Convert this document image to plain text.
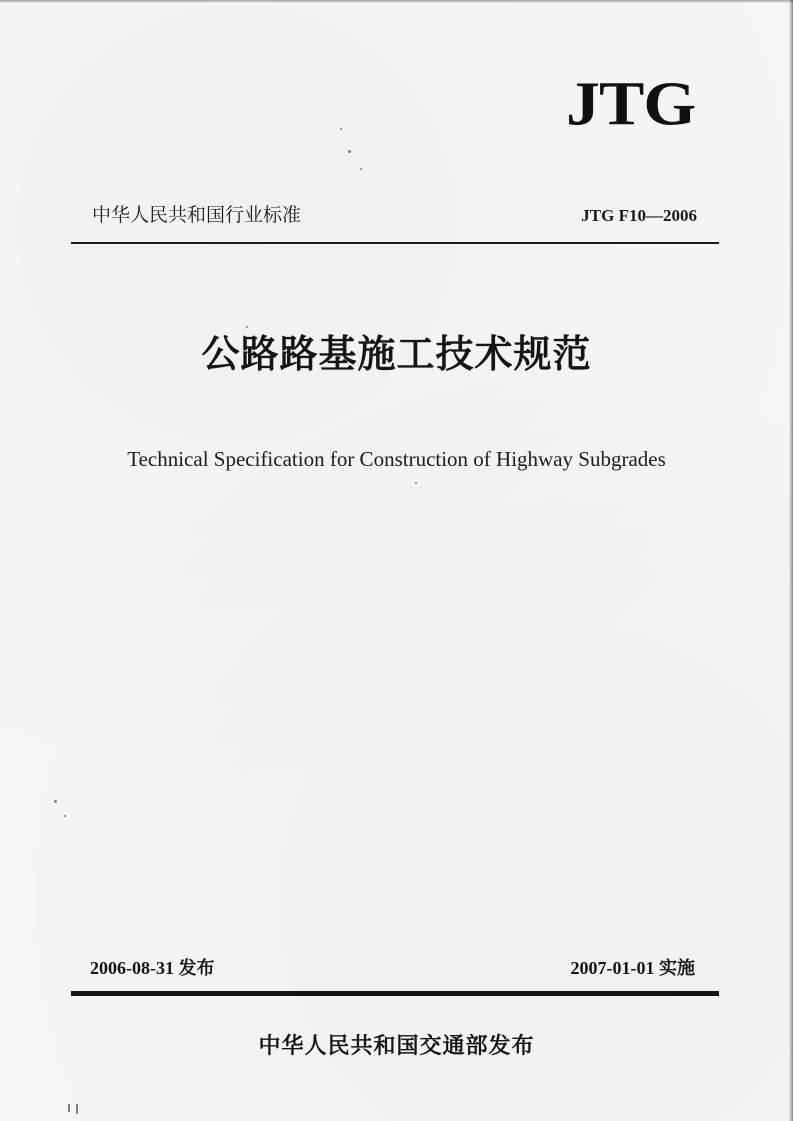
JTG
中华人民共和国行业标准	JTG F10—2006
公路路基施工技术规范
Technical Specification for Construction of Highway Subgrades
2006-08-31 发布	2007-01-01 实施
中华人民共和国交通部发布
